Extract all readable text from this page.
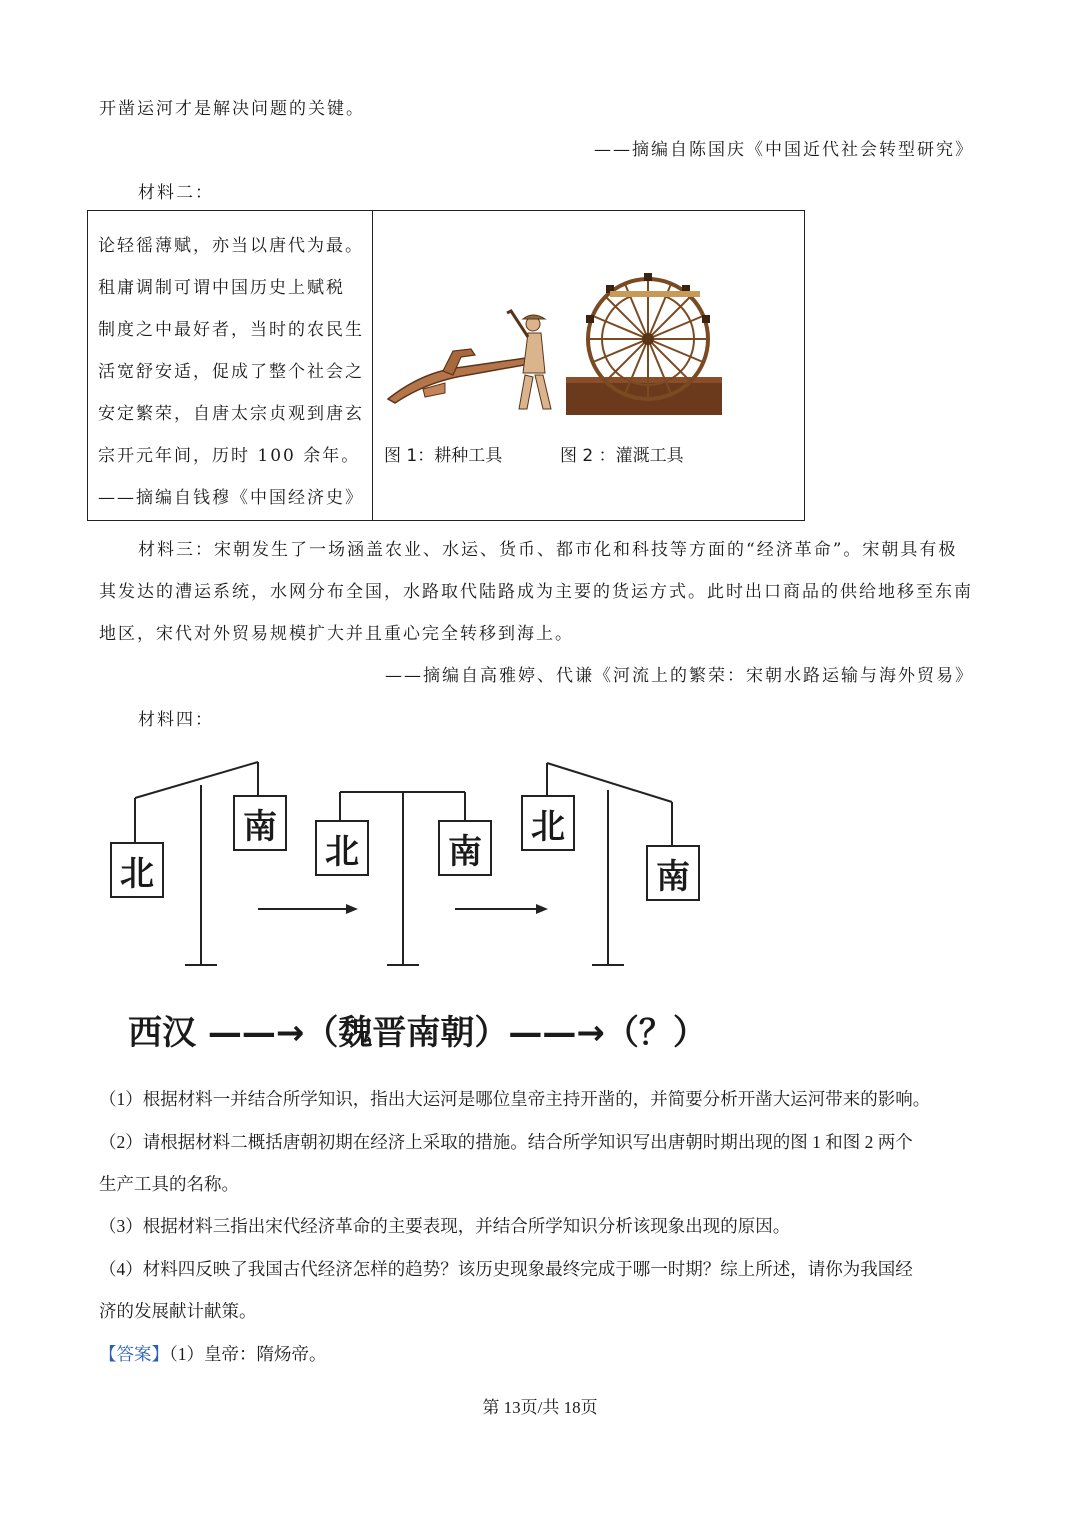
开凿运河才是解决问题的关键。
——摘编自陈国庆《中国近代社会转型研究》
材料二：
论轻徭薄赋，亦当以唐代为最。
租庸调制可谓中国历史上赋税
制度之中最好者，当时的农民生
活宽舒安适，促成了整个社会之
安定繁荣，自唐太宗贞观到唐玄
宗开元年间，历时 100 余年。
——摘编自钱穆《中国经济史》
图 1：耕种工具	图 2 ：灌溉工具
材料三：宋朝发生了一场涵盖农业、水运、货币、都市化和科技等方面的“经济革命”。宋朝具有极
其发达的漕运系统，水网分布全国，水路取代陆路成为主要的货运方式。此时出口商品的供给地移至东南
地区，宋代对外贸易规模扩大并且重心完全转移到海上。
——摘编自高雅婷、代谦《河流上的繁荣：宋朝水路运输与海外贸易》
材料四：
北
南
北	南
北
南
西汉 ——→（魏晋南朝）——→（？）
（1）根据材料一并结合所学知识，指出大运河是哪位皇帝主持开凿的，并简要分析开凿大运河带来的影响。
（2）请根据材料二概括唐朝初期在经济上采取的措施。结合所学知识写出唐朝时期出现的图 1 和图 2 两个
生产工具的名称。
（3）根据材料三指出宋代经济革命的主要表现，并结合所学知识分析该现象出现的原因。
（4）材料四反映了我国古代经济怎样的趋势？该历史现象最终完成于哪一时期？综上所述，请你为我国经
济的发展献计献策。
【答案】（1）皇帝：隋炀帝。
第 13页/共 18页
